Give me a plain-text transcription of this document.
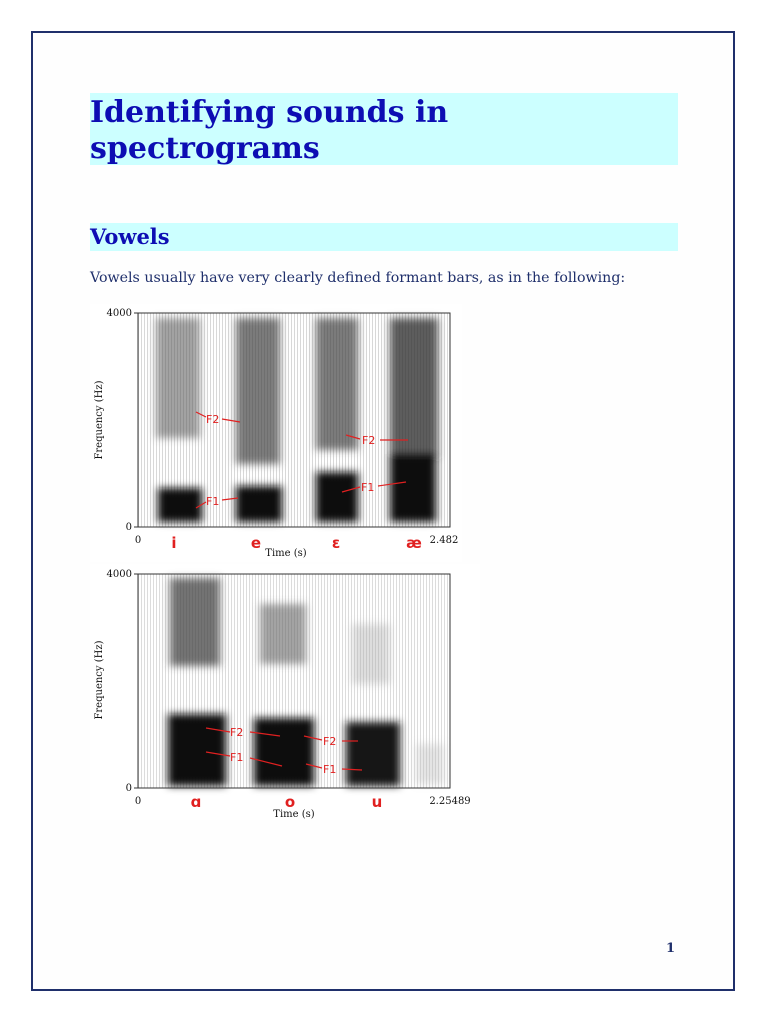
Identifying sounds in spectrograms
Vowels

Vowels usually have very clearly defined formant bars, as in the following:

4000
0
Frequency (Hz)
0	2.482
Time (s)
i	e	ɛ	æ
F2
F2
F1
F1
4000
0
Frequency (Hz)
0	2.25489
Time (s)
ɑ	o	u
F2
F1
F2
F1
1
